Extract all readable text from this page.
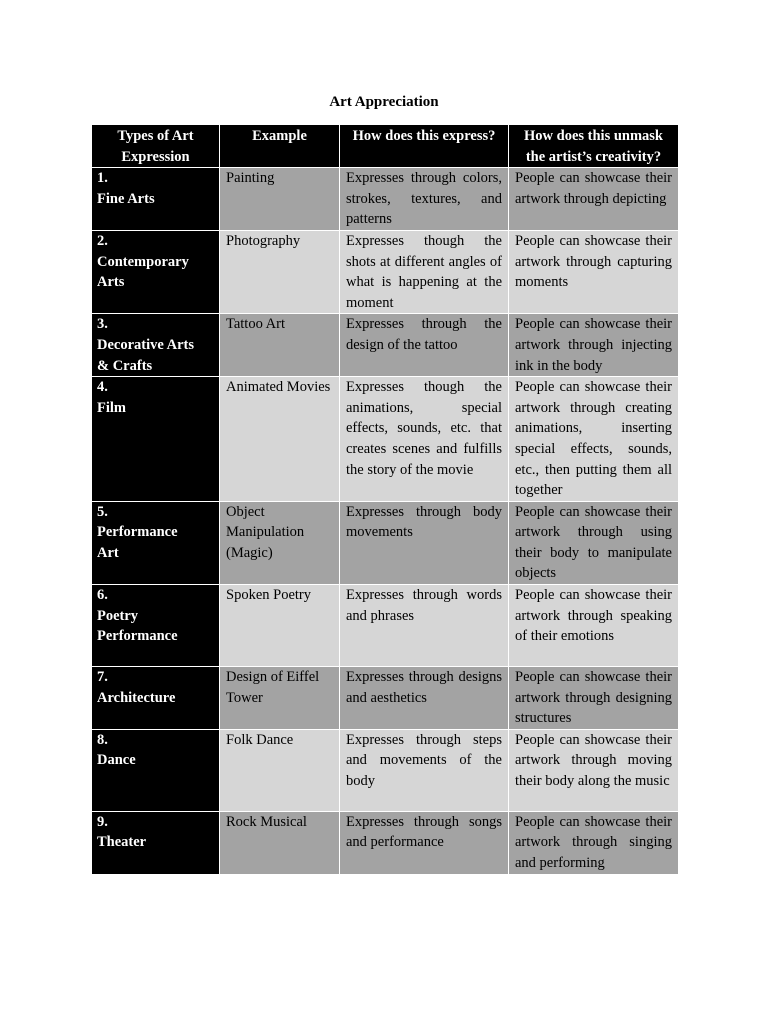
Art Appreciation
Types of Art Expression	Example	How does this express?	How does this unmask the artist’s creativity?
1.Fine Arts	Painting	Expresses through colors, strokes, textures, and patterns	People can showcase their artwork through depicting
2.Contemporary Arts	Photography	Expresses though the shots at different angles of what is happening at the moment	People can showcase their artwork through capturing moments
3.Decorative Arts & Crafts	Tattoo Art	Expresses through the design of the tattoo	People can showcase their artwork through injecting ink in the body
4.Film	Animated Movies	Expresses though the animations, special effects, sounds, etc. that creates scenes and fulfills the story of the movie	People can showcase their artwork through creating animations, inserting special effects, sounds, etc., then putting them all together
5.Performance Art	Object Manipulation (Magic)	Expresses through body movements	People can showcase their artwork through using their body to manipulate objects
6.Poetry Performance	Spoken Poetry	Expresses through words and phrases	People can showcase their artwork through speaking of their emotions
7.Architecture	Design of Eiffel Tower	Expresses through designs and aesthetics	People can showcase their artwork through designing structures
8.Dance	Folk Dance	Expresses through steps and movements of the body	People can showcase their artwork through moving their body along the music
9.Theater	Rock Musical	Expresses through songs and performance	People can showcase their artwork through singing and performing
